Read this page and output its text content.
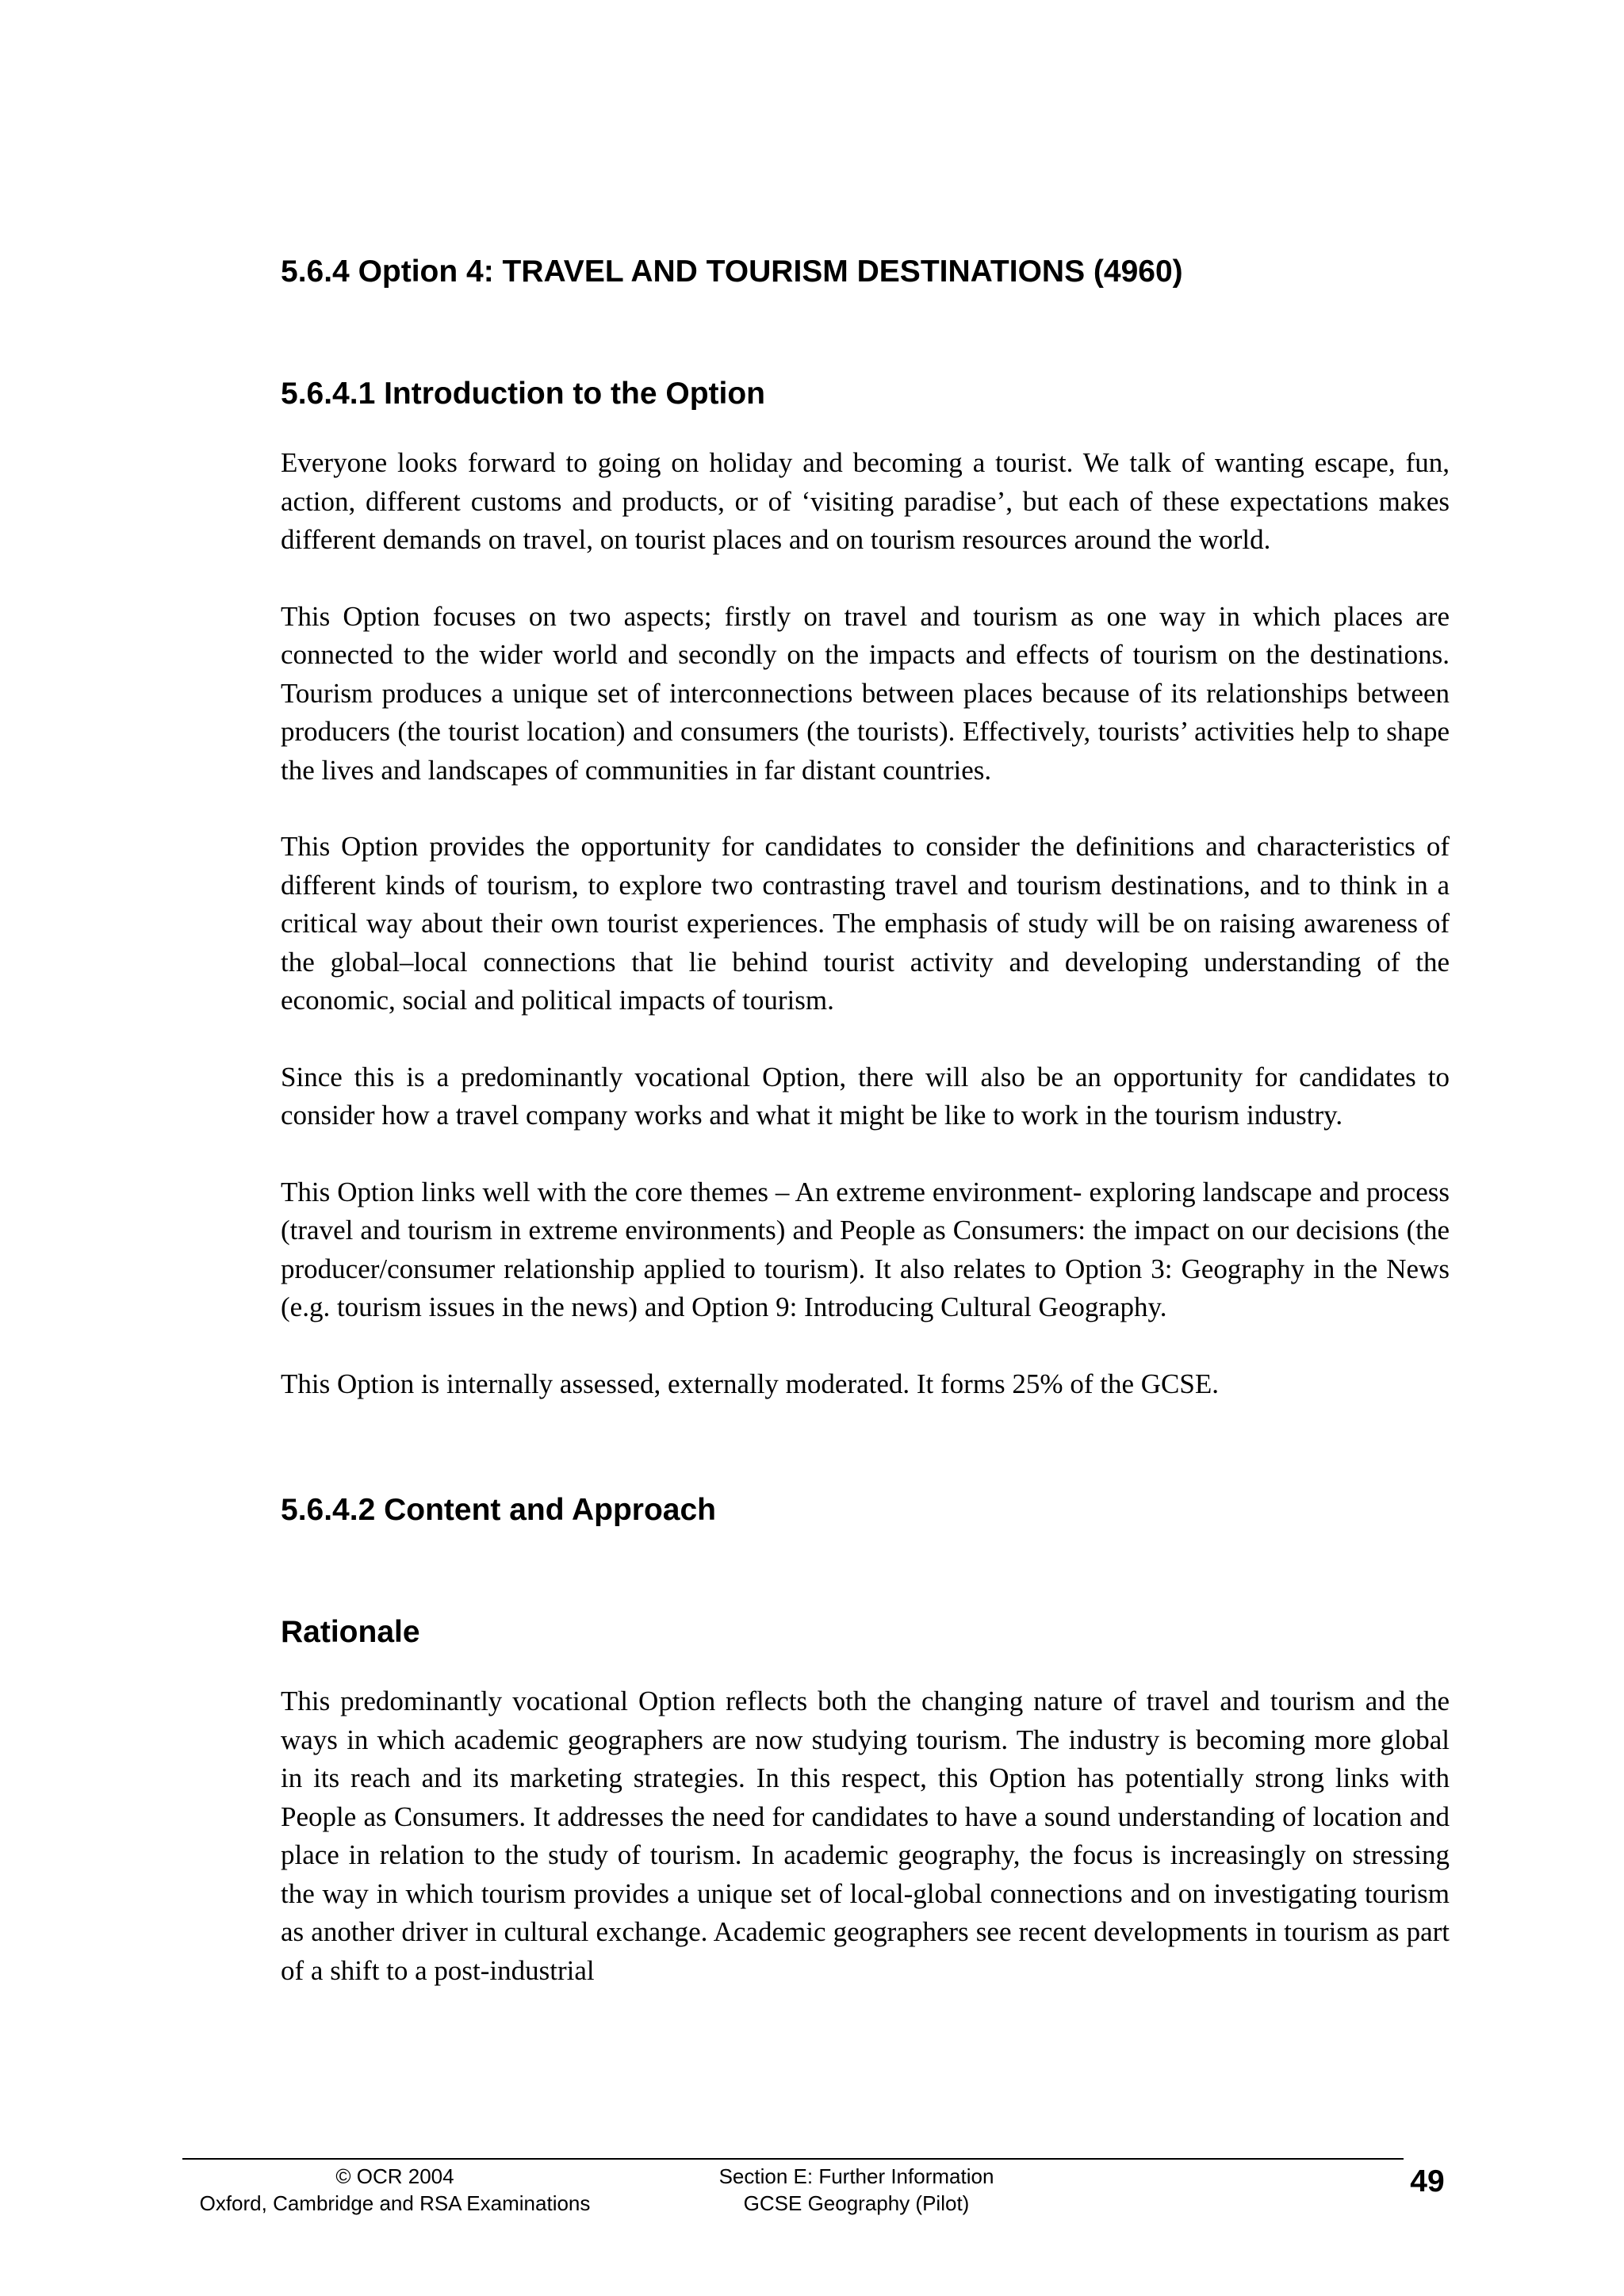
5.6.4 Option 4: TRAVEL AND TOURISM DESTINATIONS (4960)
5.6.4.1 Introduction to the Option

Everyone looks forward to going on holiday and becoming a tourist. We talk of wanting escape, fun, action, different customs and products, or of ‘visiting paradise’, but each of these expectations makes different demands on travel, on tourist places and on tourism resources around the world.

This Option focuses on two aspects; firstly on travel and tourism as one way in which places are connected to the wider world and secondly on the impacts and effects of tourism on the destinations. Tourism produces a unique set of interconnections between places because of its relationships between producers (the tourist location) and consumers (the tourists). Effectively, tourists’ activities help to shape the lives and landscapes of communities in far distant countries.

This Option provides the opportunity for candidates to consider the definitions and characteristics of different kinds of tourism, to explore two contrasting travel and tourism destinations, and to think in a critical way about their own tourist experiences. The emphasis of study will be on raising awareness of the global–local connections that lie behind tourist activity and developing understanding of the economic, social and political impacts of tourism.

Since this is a predominantly vocational Option, there will also be an opportunity for candidates to consider how a travel company works and what it might be like to work in the tourism industry.

This Option links well with the core themes – An extreme environment- exploring landscape and process (travel and tourism in extreme environments) and People as Consumers: the impact on our decisions (the producer/consumer relationship applied to tourism). It also relates to Option 3: Geography in the News (e.g. tourism issues in the news) and Option 9: Introducing Cultural Geography.

This Option is internally assessed, externally moderated. It forms 25% of the GCSE.

5.6.4.2 Content and Approach
Rationale

This predominantly vocational Option reflects both the changing nature of travel and tourism and the ways in which academic geographers are now studying tourism. The industry is becoming more global in its reach and its marketing strategies. In this respect, this Option has potentially strong links with People as Consumers. It addresses the need for candidates to have a sound understanding of location and place in relation to the study of tourism. In academic geography, the focus is increasingly on stressing the way in which tourism provides a unique set of local-global connections and on investigating tourism as another driver in cultural exchange. Academic geographers see recent developments in tourism as part of a shift to a post-industrial

© OCR 2004
Oxford, Cambridge and RSA Examinations
Section E: Further Information
GCSE Geography (Pilot)
49
